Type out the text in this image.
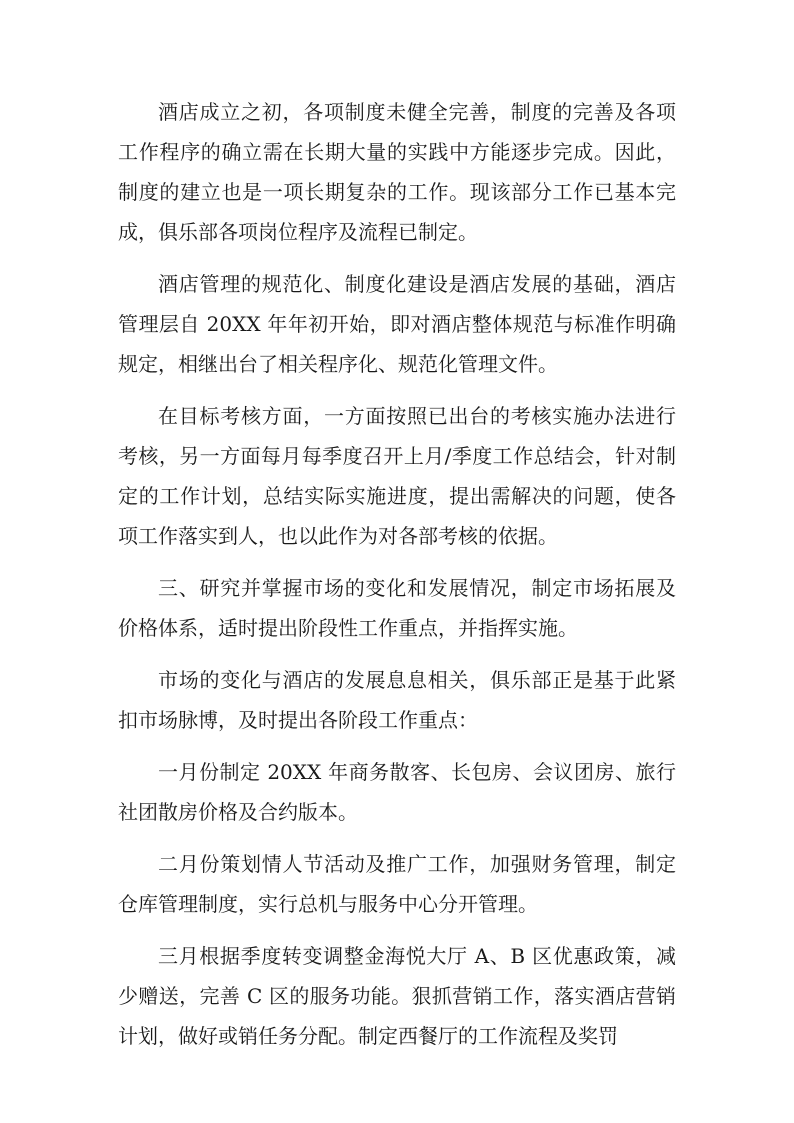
酒店成立之初，各项制度未健全完善，制度的完善及各项工作程序的确立需在长期大量的实践中方能逐步完成。因此，制度的建立也是一项长期复杂的工作。现该部分工作已基本完成，俱乐部各项岗位程序及流程已制定。

酒店管理的规范化、制度化建设是酒店发展的基础，酒店管理层自 20XX 年年初开始，即对酒店整体规范与标准作明确规定，相继出台了相关程序化、规范化管理文件。

在目标考核方面，一方面按照已出台的考核实施办法进行考核，另一方面每月每季度召开上月/季度工作总结会，针对制定的工作计划，总结实际实施进度，提出需解决的问题，使各项工作落实到人，也以此作为对各部考核的依据。

三、研究并掌握市场的变化和发展情况，制定市场拓展及价格体系，适时提出阶段性工作重点，并指挥实施。

市场的变化与酒店的发展息息相关，俱乐部正是基于此紧扣市场脉博，及时提出各阶段工作重点：

一月份制定 20XX 年商务散客、长包房、会议团房、旅行社团散房价格及合约版本。

二月份策划情人节活动及推广工作，加强财务管理，制定仓库管理制度，实行总机与服务中心分开管理。

三月根据季度转变调整金海悦大厅 A、B 区优惠政策，减少赠送，完善 C 区的服务功能。狠抓营销工作，落实酒店营销计划，做好或销任务分配。制定西餐厅的工作流程及奖罚
